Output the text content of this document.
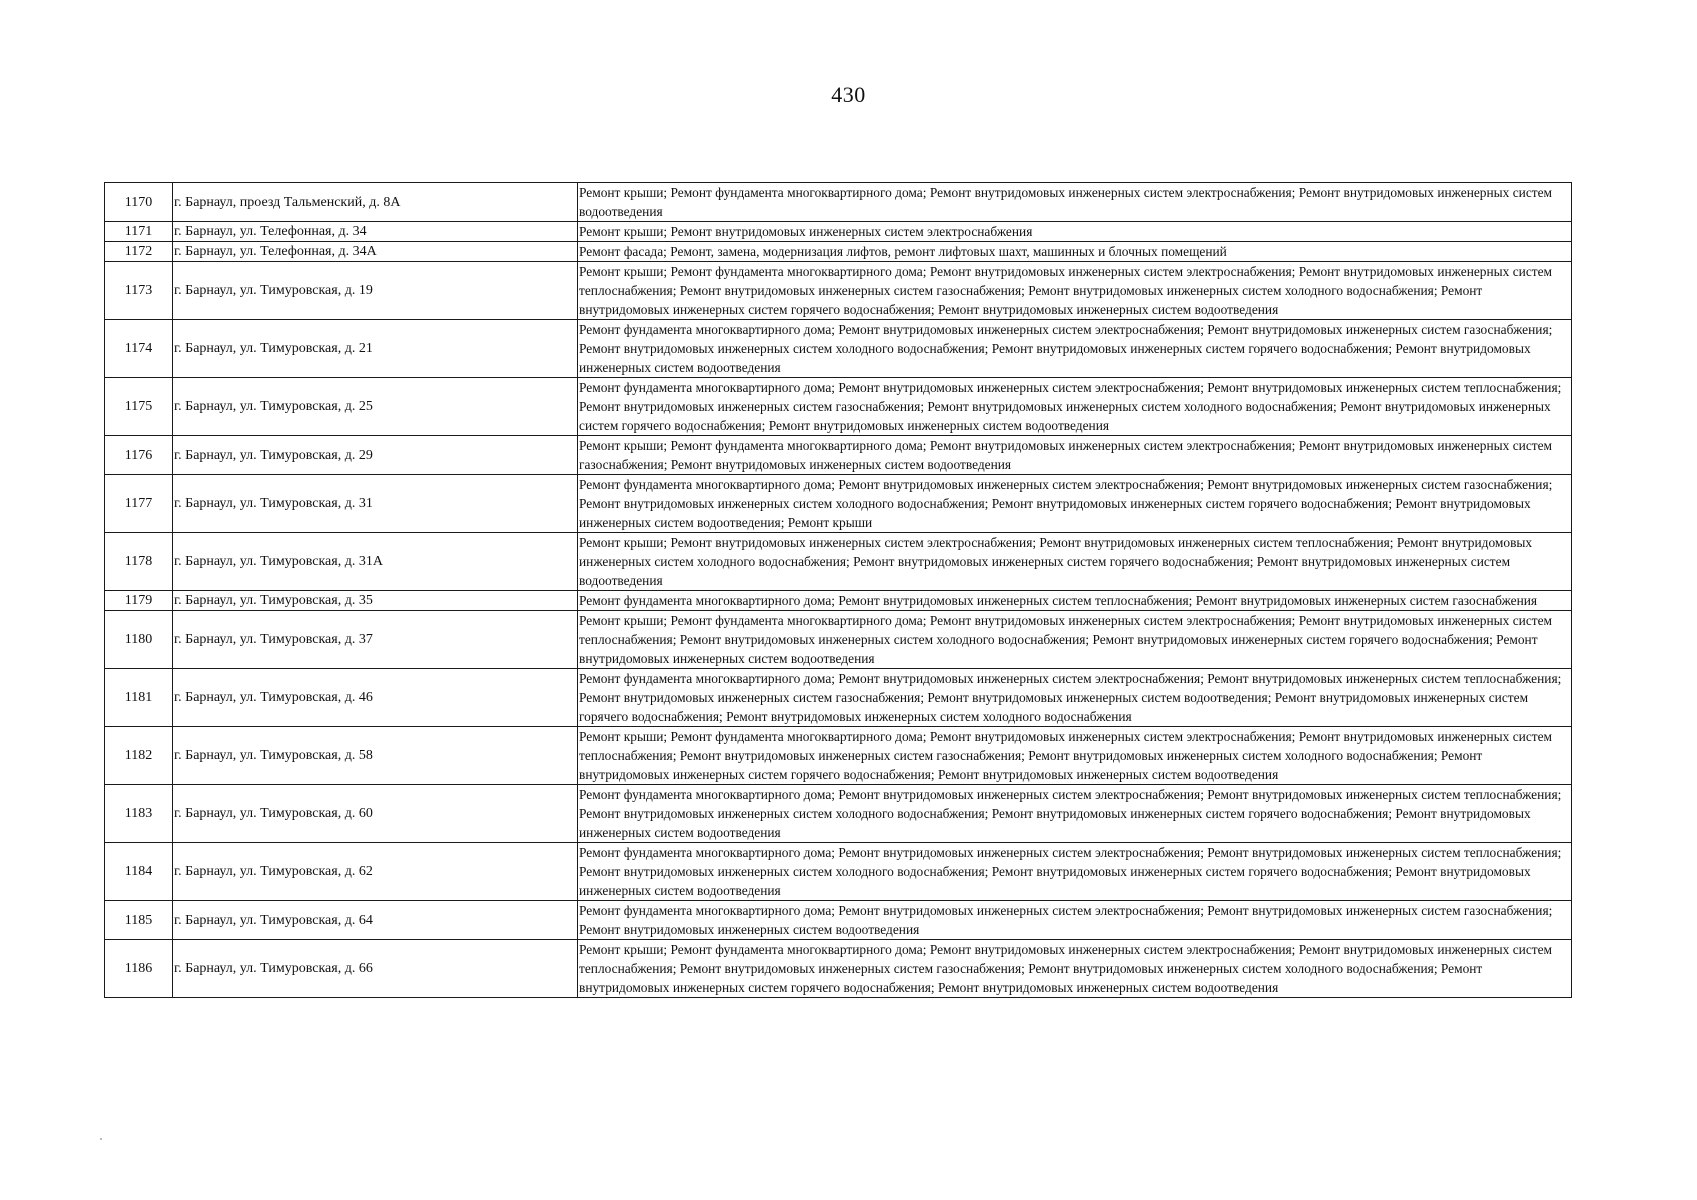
430
1170	г. Барнаул, проезд Тальменский, д. 8А	Ремонт крыши; Ремонт фундамента многоквартирного дома; Ремонт внутридомовых инженерных систем электроснабжения; Ремонт внутридомовых инженерных систем водоотведения
1171	г. Барнаул, ул. Телефонная, д. 34	Ремонт крыши; Ремонт внутридомовых инженерных систем электроснабжения
1172	г. Барнаул, ул. Телефонная, д. 34А	Ремонт фасада; Ремонт, замена, модернизация лифтов, ремонт лифтовых шахт, машинных и блочных помещений
1173	г. Барнаул, ул. Тимуровская, д. 19	Ремонт крыши; Ремонт фундамента многоквартирного дома; Ремонт внутридомовых инженерных систем электроснабжения; Ремонт внутридомовых инженерных систем теплоснабжения; Ремонт внутридомовых инженерных систем газоснабжения; Ремонт внутридомовых инженерных систем холодного водоснабжения; Ремонт внутридомовых инженерных систем горячего водоснабжения; Ремонт внутридомовых инженерных систем водоотведения
1174	г. Барнаул, ул. Тимуровская, д. 21	Ремонт фундамента многоквартирного дома; Ремонт внутридомовых инженерных систем электроснабжения; Ремонт внутридомовых инженерных систем газоснабжения; Ремонт внутридомовых инженерных систем холодного водоснабжения; Ремонт внутридомовых инженерных систем горячего водоснабжения; Ремонт внутридомовых инженерных систем водоотведения
1175	г. Барнаул, ул. Тимуровская, д. 25	Ремонт фундамента многоквартирного дома; Ремонт внутридомовых инженерных систем электроснабжения; Ремонт внутридомовых инженерных систем теплоснабжения; Ремонт внутридомовых инженерных систем газоснабжения; Ремонт внутридомовых инженерных систем холодного водоснабжения; Ремонт внутридомовых инженерных систем горячего водоснабжения; Ремонт внутридомовых инженерных систем водоотведения
1176	г. Барнаул, ул. Тимуровская, д. 29	Ремонт крыши; Ремонт фундамента многоквартирного дома; Ремонт внутридомовых инженерных систем электроснабжения; Ремонт внутридомовых инженерных систем газоснабжения; Ремонт внутридомовых инженерных систем водоотведения
1177	г. Барнаул, ул. Тимуровская, д. 31	Ремонт фундамента многоквартирного дома; Ремонт внутридомовых инженерных систем электроснабжения; Ремонт внутридомовых инженерных систем газоснабжения; Ремонт внутридомовых инженерных систем холодного водоснабжения; Ремонт внутридомовых инженерных систем горячего водоснабжения; Ремонт внутридомовых инженерных систем водоотведения; Ремонт крыши
1178	г. Барнаул, ул. Тимуровская, д. 31А	Ремонт крыши; Ремонт внутридомовых инженерных систем электроснабжения; Ремонт внутридомовых инженерных систем теплоснабжения; Ремонт внутридомовых инженерных систем холодного водоснабжения; Ремонт внутридомовых инженерных систем горячего водоснабжения; Ремонт внутридомовых инженерных систем водоотведения
1179	г. Барнаул, ул. Тимуровская, д. 35	Ремонт фундамента многоквартирного дома; Ремонт внутридомовых инженерных систем теплоснабжения; Ремонт внутридомовых инженерных систем газоснабжения
1180	г. Барнаул, ул. Тимуровская, д. 37	Ремонт крыши; Ремонт фундамента многоквартирного дома; Ремонт внутридомовых инженерных систем электроснабжения; Ремонт внутридомовых инженерных систем теплоснабжения; Ремонт внутридомовых инженерных систем холодного водоснабжения; Ремонт внутридомовых инженерных систем горячего водоснабжения; Ремонт внутридомовых инженерных систем водоотведения
1181	г. Барнаул, ул. Тимуровская, д. 46	Ремонт фундамента многоквартирного дома; Ремонт внутридомовых инженерных систем электроснабжения; Ремонт внутридомовых инженерных систем теплоснабжения; Ремонт внутридомовых инженерных систем газоснабжения; Ремонт внутридомовых инженерных систем водоотведения; Ремонт внутридомовых инженерных систем горячего водоснабжения; Ремонт внутридомовых инженерных систем холодного водоснабжения
1182	г. Барнаул, ул. Тимуровская, д. 58	Ремонт крыши; Ремонт фундамента многоквартирного дома; Ремонт внутридомовых инженерных систем электроснабжения; Ремонт внутридомовых инженерных систем теплоснабжения; Ремонт внутридомовых инженерных систем газоснабжения; Ремонт внутридомовых инженерных систем холодного водоснабжения; Ремонт внутридомовых инженерных систем горячего водоснабжения; Ремонт внутридомовых инженерных систем водоотведения
1183	г. Барнаул, ул. Тимуровская, д. 60	Ремонт фундамента многоквартирного дома; Ремонт внутридомовых инженерных систем электроснабжения; Ремонт внутридомовых инженерных систем теплоснабжения; Ремонт внутридомовых инженерных систем холодного водоснабжения; Ремонт внутридомовых инженерных систем горячего водоснабжения; Ремонт внутридомовых инженерных систем водоотведения
1184	г. Барнаул, ул. Тимуровская, д. 62	Ремонт фундамента многоквартирного дома; Ремонт внутридомовых инженерных систем электроснабжения; Ремонт внутридомовых инженерных систем теплоснабжения; Ремонт внутридомовых инженерных систем холодного водоснабжения; Ремонт внутридомовых инженерных систем горячего водоснабжения; Ремонт внутридомовых инженерных систем водоотведения
1185	г. Барнаул, ул. Тимуровская, д. 64	Ремонт фундамента многоквартирного дома; Ремонт внутридомовых инженерных систем электроснабжения; Ремонт внутридомовых инженерных систем газоснабжения; Ремонт внутридомовых инженерных систем водоотведения
1186	г. Барнаул, ул. Тимуровская, д. 66	Ремонт крыши; Ремонт фундамента многоквартирного дома; Ремонт внутридомовых инженерных систем электроснабжения; Ремонт внутридомовых инженерных систем теплоснабжения; Ремонт внутридомовых инженерных систем газоснабжения; Ремонт внутридомовых инженерных систем холодного водоснабжения; Ремонт внутридомовых инженерных систем горячего водоснабжения; Ремонт внутридомовых инженерных систем водоотведения
